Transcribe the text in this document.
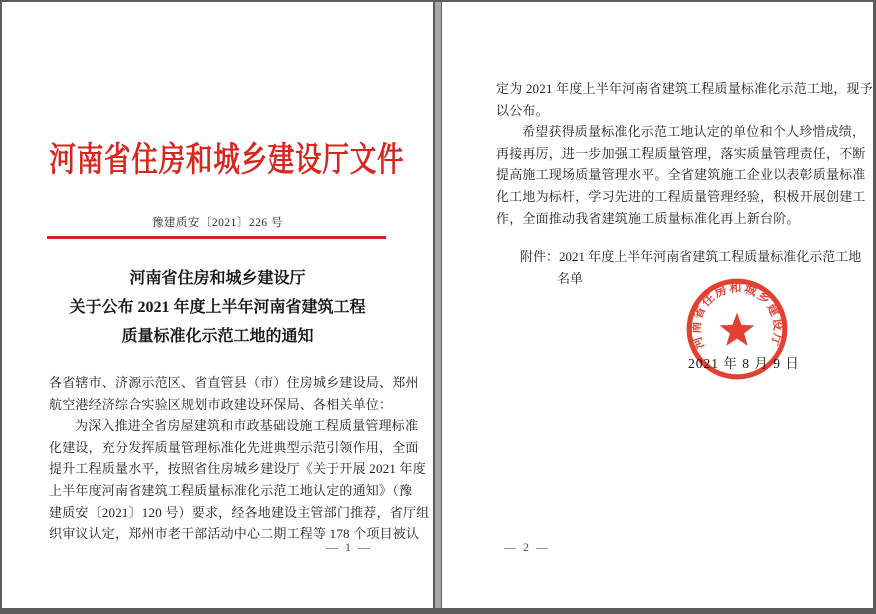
河南省住房和城乡建设厅文件
豫建质安〔2021〕226 号
河南省住房和城乡建设厅
关于公布 2021 年度上半年河南省建筑工程
质量标准化示范工地的通知
各省辖市、济源示范区、省直管县（市）住房城乡建设局、郑州
航空港经济综合实验区规划市政建设环保局、各相关单位：
为深入推进全省房屋建筑和市政基础设施工程质量管理标准
化建设，充分发挥质量管理标准化先进典型示范引领作用，全面
提升工程质量水平，按照省住房城乡建设厅《关于开展 2021 年度
上半年度河南省建筑工程质量标准化示范工地认定的通知》（豫
建质安〔2021〕120 号）要求，经各地建设主管部门推荐，省厅组
织审议认定，郑州市老干部活动中心二期工程等 178 个项目被认
— 1 —
定为 2021 年度上半年河南省建筑工程质量标准化示范工地，现予
以公布。
希望获得质量标准化示范工地认定的单位和个人珍惜成绩，
再接再厉，进一步加强工程质量管理，落实质量管理责任，不断
提高施工现场质量管理水平。全省建筑施工企业以表彰质量标准
化工地为标杆，学习先进的工程质量管理经验，积极开展创建工
作，全面推动我省建筑施工质量标准化再上新台阶。
附件：2021 年度上半年河南省建筑工程质量标准化示范工地
名单
2021 年 8 月 9 日
河南省住房和城乡建设厅
— 2 —
